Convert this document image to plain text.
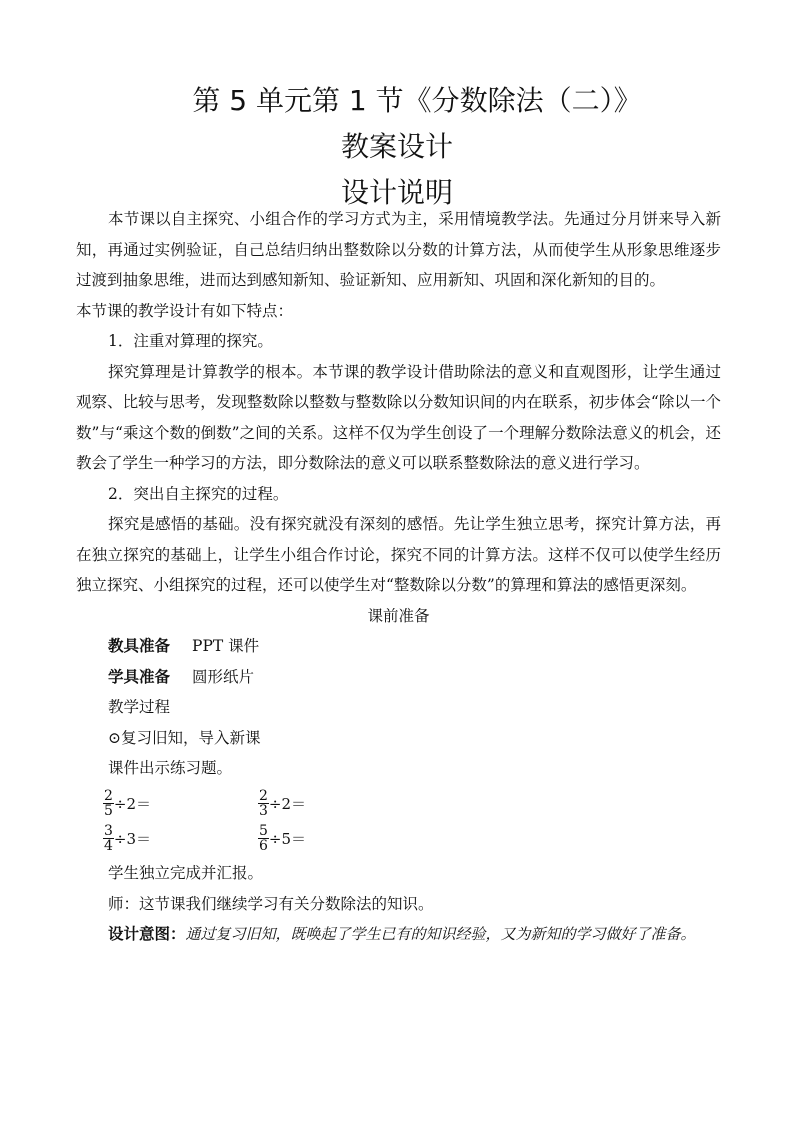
第 5 单元第 1 节《分数除法（二）》
教案设计
设计说明

本节课以自主探究、小组合作的学习方式为主，采用情境教学法。先通过分月饼来导入新知，再通过实例验证，自己总结归纳出整数除以分数的计算方法，从而使学生从形象思维逐步过渡到抽象思维，进而达到感知新知、验证新知、应用新知、巩固和深化新知的目的。

本节课的教学设计有如下特点：

1．注重对算理的探究。

探究算理是计算教学的根本。本节课的教学设计借助除法的意义和直观图形，让学生通过观察、比较与思考，发现整数除以整数与整数除以分数知识间的内在联系，初步体会“除以一个数”与“乘这个数的倒数”之间的关系。这样不仅为学生创设了一个理解分数除法意义的机会，还教会了学生一种学习的方法，即分数除法的意义可以联系整数除法的意义进行学习。

2．突出自主探究的过程。

探究是感悟的基础。没有探究就没有深刻的感悟。先让学生独立思考，探究计算方法，再在独立探究的基础上，让学生小组合作讨论，探究不同的计算方法。这样不仅可以使学生经历独立探究、小组探究的过程，还可以使学生对“整数除以分数”的算理和算法的感悟更深刻。

课前准备

教具准备 PPT 课件

学具准备 圆形纸片

教学过程

⊙复习旧知，导入新课

课件出示练习题。

$\frac{2}{5} \div 2=$	$\frac{2}{3} \div 2=$
$\frac{3}{4} \div 3=$	$\frac{5}{6} \div 5=$

学生独立完成并汇报。

师：这节课我们继续学习有关分数除法的知识。

设计意图：通过复习旧知，既唤起了学生已有的知识经验，又为新知的学习做好了准备。
